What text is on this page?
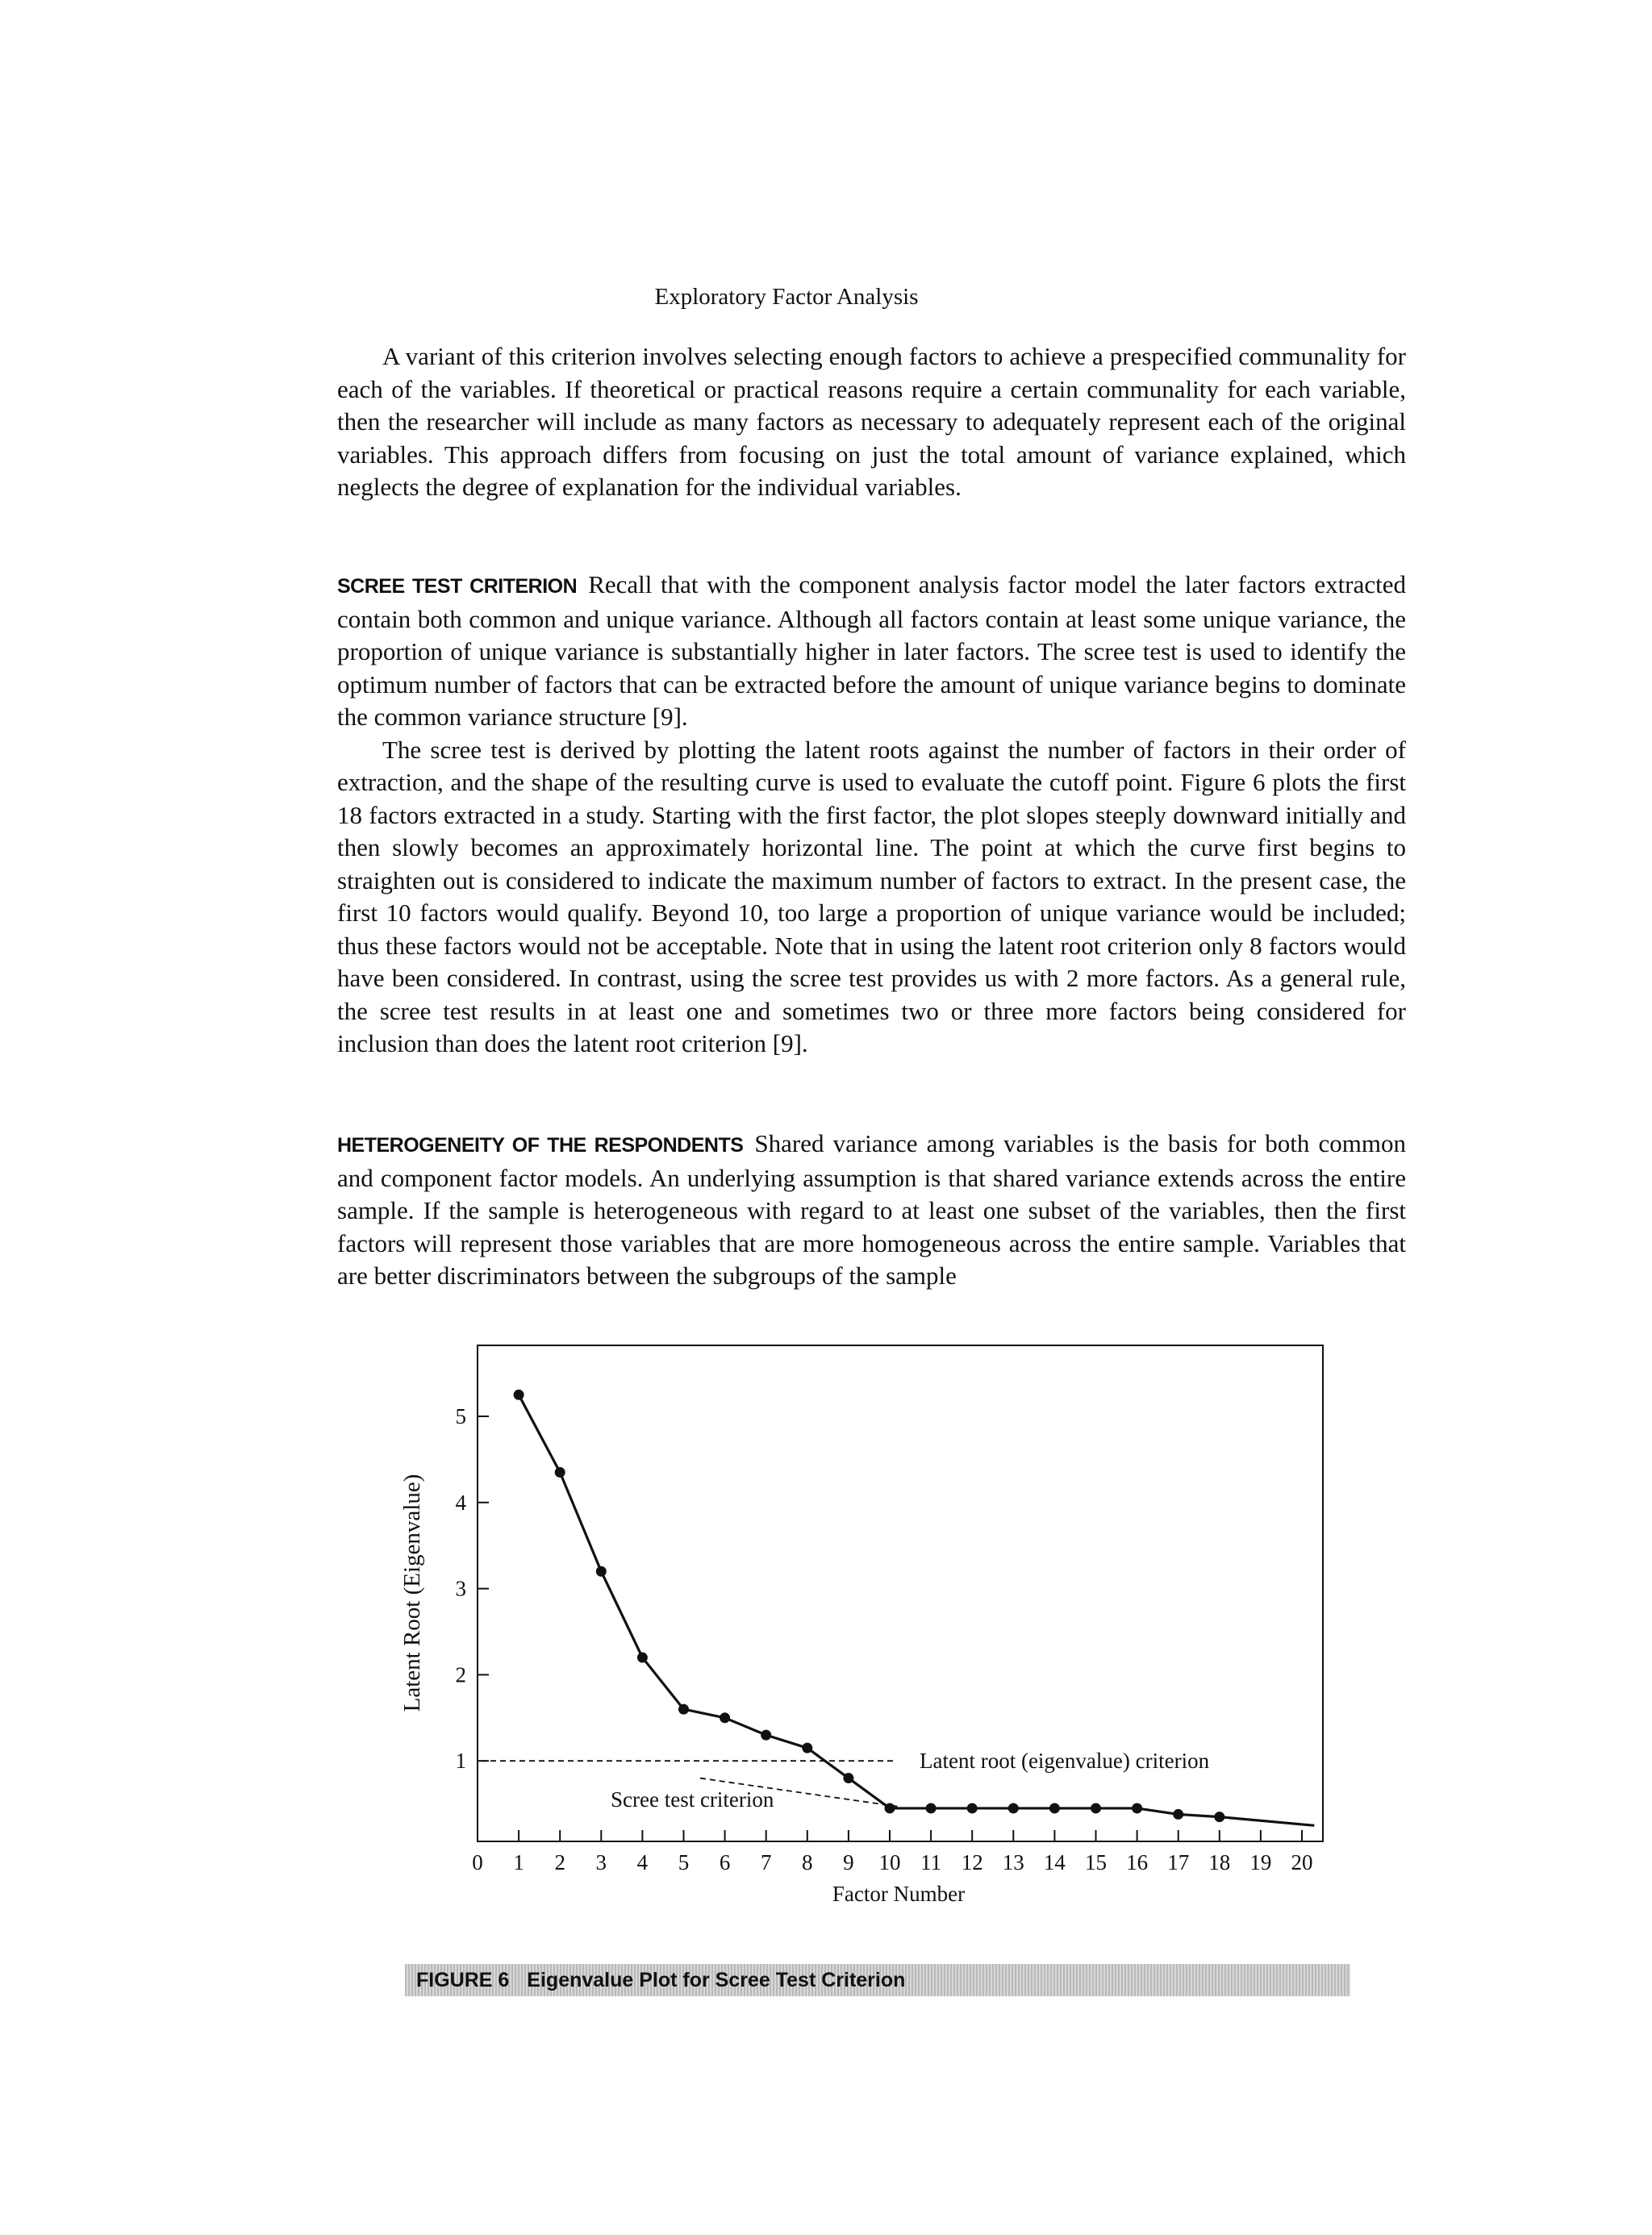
Exploratory Factor Analysis

A variant of this criterion involves selecting enough factors to achieve a prespecified communality for each of the variables. If theoretical or practical reasons require a certain communality for each variable, then the researcher will include as many factors as necessary to adequately represent each of the original variables. This approach differs from focusing on just the total amount of variance explained, which neglects the degree of explanation for the individual variables.

SCREE TEST CRITERION Recall that with the component analysis factor model the later factors extracted contain both common and unique variance. Although all factors contain at least some unique variance, the proportion of unique variance is substantially higher in later factors. The scree test is used to identify the optimum number of factors that can be extracted before the amount of unique variance begins to dominate the common variance structure [9].

The scree test is derived by plotting the latent roots against the number of factors in their order of extraction, and the shape of the resulting curve is used to evaluate the cutoff point. Figure 6 plots the first 18 factors extracted in a study. Starting with the first factor, the plot slopes steeply downward initially and then slowly becomes an approximately horizontal line. The point at which the curve first begins to straighten out is considered to indicate the maximum number of factors to extract. In the present case, the first 10 factors would qualify. Beyond 10, too large a proportion of unique variance would be included; thus these factors would not be acceptable. Note that in using the latent root criterion only 8 factors would have been considered. In contrast, using the scree test provides us with 2 more factors. As a general rule, the scree test results in at least one and sometimes two or three more factors being considered for inclusion than does the latent root criterion [9].

HETEROGENEITY OF THE RESPONDENTS Shared variance among variables is the basis for both common and component factor models. An underlying assumption is that shared variance extends across the entire sample. If the sample is heterogeneous with regard to at least one subset of the variables, then the first factors will represent those variables that are more homogeneous across the entire sample. Variables that are better discriminators between the subgroups of the sample

0 1 2 3 4 5 6 7 8 9 10 11 12 13 14 15 16 17 18 19 20
1
2
3
4
5
Factor Number
Latent Root (Eigenvalue)
Latent root (eigenvalue) criterion
Scree test criterion
FIGURE 6 Eigenvalue Plot for Scree Test Criterion
